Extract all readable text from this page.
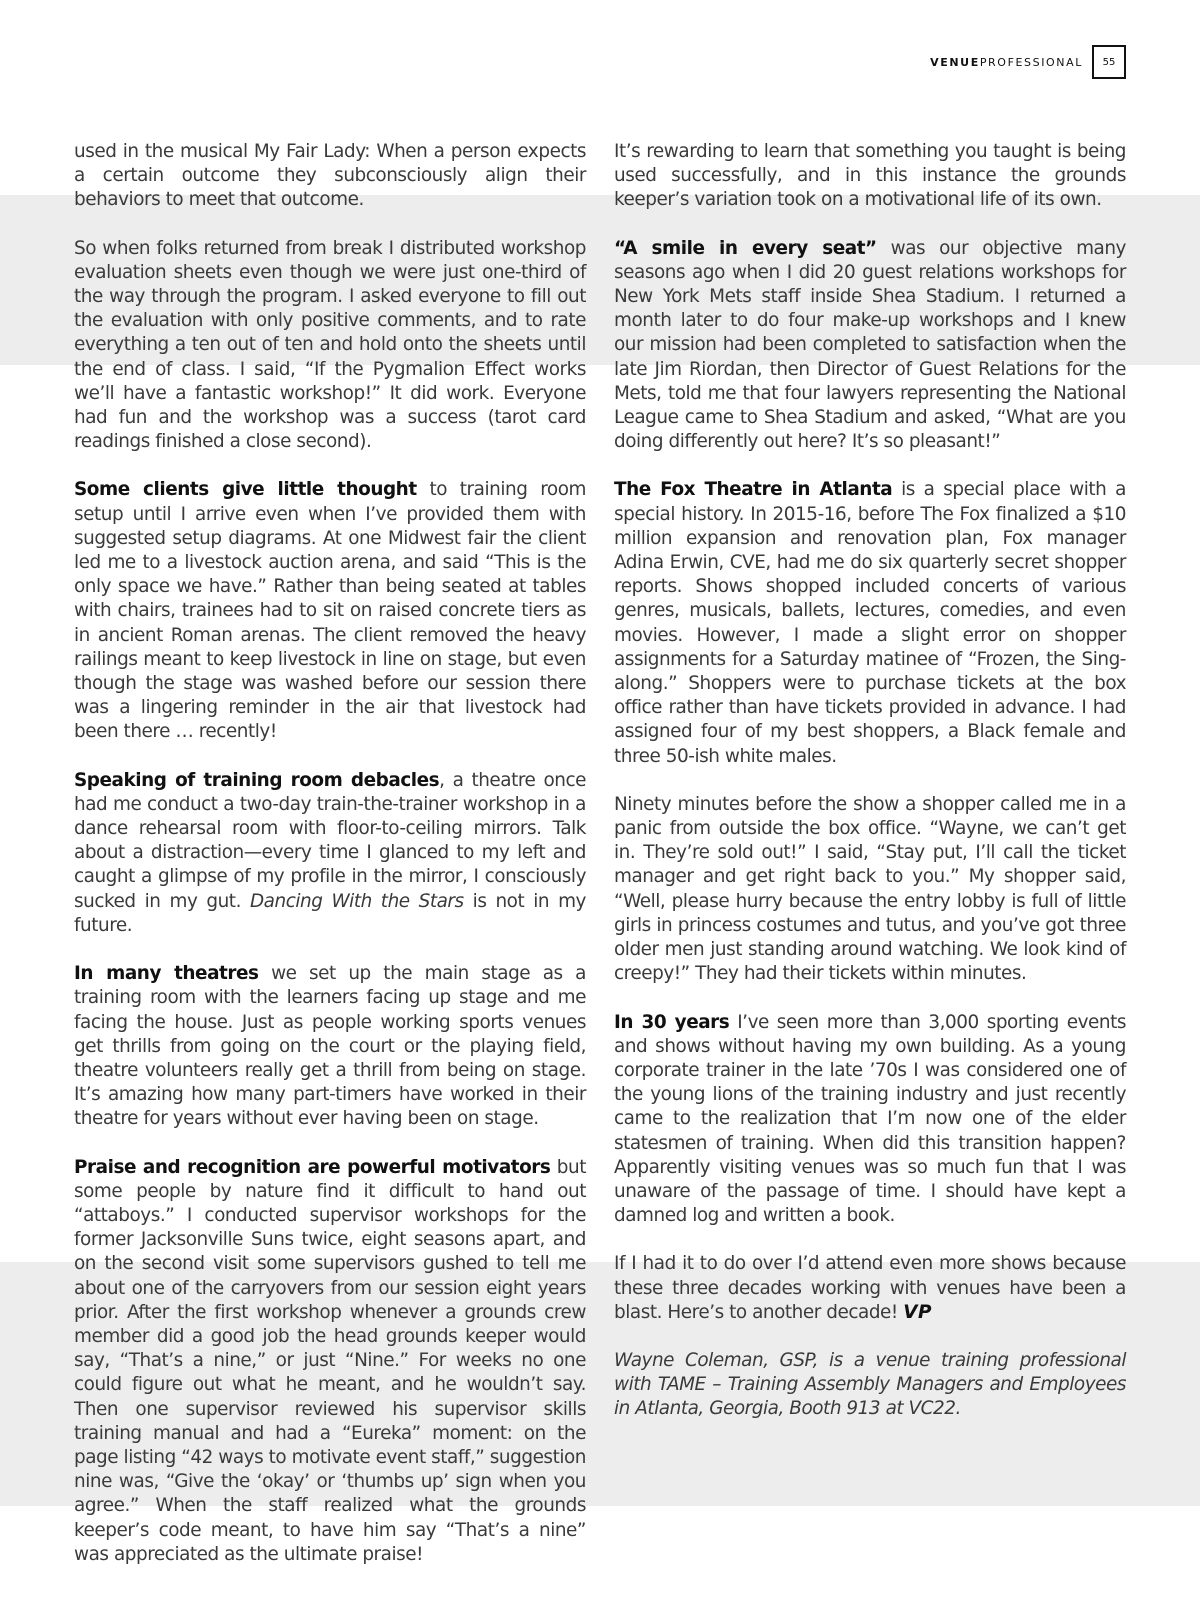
VENUEPROFESSIONAL	55

used in the musical My Fair Lady: When a person expects a certain outcome they subconsciously align their behaviors to meet that outcome.

So when folks returned from break I distributed workshop evaluation sheets even though we were just one-third of the way through the program. I asked everyone to fill out the evaluation with only positive comments, and to rate everything a ten out of ten and hold onto the sheets until the end of class. I said, “If the Pygmalion Effect works we’ll have a fantastic workshop!” It did work. Everyone had fun and the workshop was a success (tarot card readings finished a close second).

Some clients give little thought to training room setup until I arrive even when I’ve provided them with suggested setup diagrams. At one Midwest fair the client led me to a livestock auction arena, and said “This is the only space we have.” Rather than being seated at tables with chairs, trainees had to sit on raised concrete tiers as in ancient Roman arenas. The client removed the heavy railings meant to keep livestock in line on stage, but even though the stage was washed before our session there was a lingering reminder in the air that livestock had been there … recently!

Speaking of training room debacles, a theatre once had me conduct a two-day train-the-trainer workshop in a dance rehearsal room with floor-to-ceiling mirrors. Talk about a distraction—every time I glanced to my left and caught a glimpse of my profile in the mirror, I consciously sucked in my gut. Dancing With the Stars is not in my future.

In many theatres we set up the main stage as a training room with the learners facing up stage and me facing the house. Just as people working sports venues get thrills from going on the court or the playing field, theatre volunteers really get a thrill from being on stage. It’s amazing how many part-timers have worked in their theatre for years without ever having been on stage.

Praise and recognition are powerful motivators but some people by nature find it difficult to hand out “attaboys.” I conducted supervisor workshops for the former Jacksonville Suns twice, eight seasons apart, and on the second visit some supervisors gushed to tell me about one of the carryovers from our session eight years prior. After the first workshop whenever a grounds crew member did a good job the head grounds keeper would say, “That’s a nine,” or just “Nine.” For weeks no one could figure out what he meant, and he wouldn’t say. Then one supervisor reviewed his supervisor skills training manual and had a “Eureka” moment: on the page listing “42 ways to motivate event staff,” suggestion nine was, “Give the ‘okay’ or ‘thumbs up’ sign when you agree.” When the staff realized what the grounds keeper’s code meant, to have him say “That’s a nine” was appreciated as the ultimate praise!

It’s rewarding to learn that something you taught is being used successfully, and in this instance the grounds keeper’s variation took on a motivational life of its own.

“A smile in every seat” was our objective many seasons ago when I did 20 guest relations workshops for New York Mets staff inside Shea Stadium. I returned a month later to do four make-up workshops and I knew our mission had been completed to satisfaction when the late Jim Riordan, then Director of Guest Relations for the Mets, told me that four lawyers representing the National League came to Shea Stadium and asked, “What are you doing differently out here? It’s so pleasant!”

The Fox Theatre in Atlanta is a special place with a special history. In 2015-16, before The Fox finalized a $10 million expansion and renovation plan, Fox manager Adina Erwin, CVE, had me do six quarterly secret shopper reports. Shows shopped included concerts of various genres, musicals, ballets, lectures, comedies, and even movies. However, I made a slight error on shopper assignments for a Saturday matinee of “Frozen, the Sing-along.” Shoppers were to purchase tickets at the box office rather than have tickets provided in advance. I had assigned four of my best shoppers, a Black female and three 50-ish white males.

Ninety minutes before the show a shopper called me in a panic from outside the box office. “Wayne, we can’t get in. They’re sold out!” I said, “Stay put, I’ll call the ticket manager and get right back to you.” My shopper said, “Well, please hurry because the entry lobby is full of little girls in princess costumes and tutus, and you’ve got three older men just standing around watching. We look kind of creepy!” They had their tickets within minutes.

In 30 years I’ve seen more than 3,000 sporting events and shows without having my own building. As a young corporate trainer in the late ’70s I was considered one of the young lions of the training industry and just recently came to the realization that I’m now one of the elder statesmen of training. When did this transition happen? Apparently visiting venues was so much fun that I was unaware of the passage of time. I should have kept a damned log and written a book.

If I had it to do over I’d attend even more shows because these three decades working with venues have been a blast. Here’s to another decade! VP

Wayne Coleman, GSP, is a venue training professional with TAME – Training Assembly Managers and Employees in Atlanta, Georgia, Booth 913 at VC22.
